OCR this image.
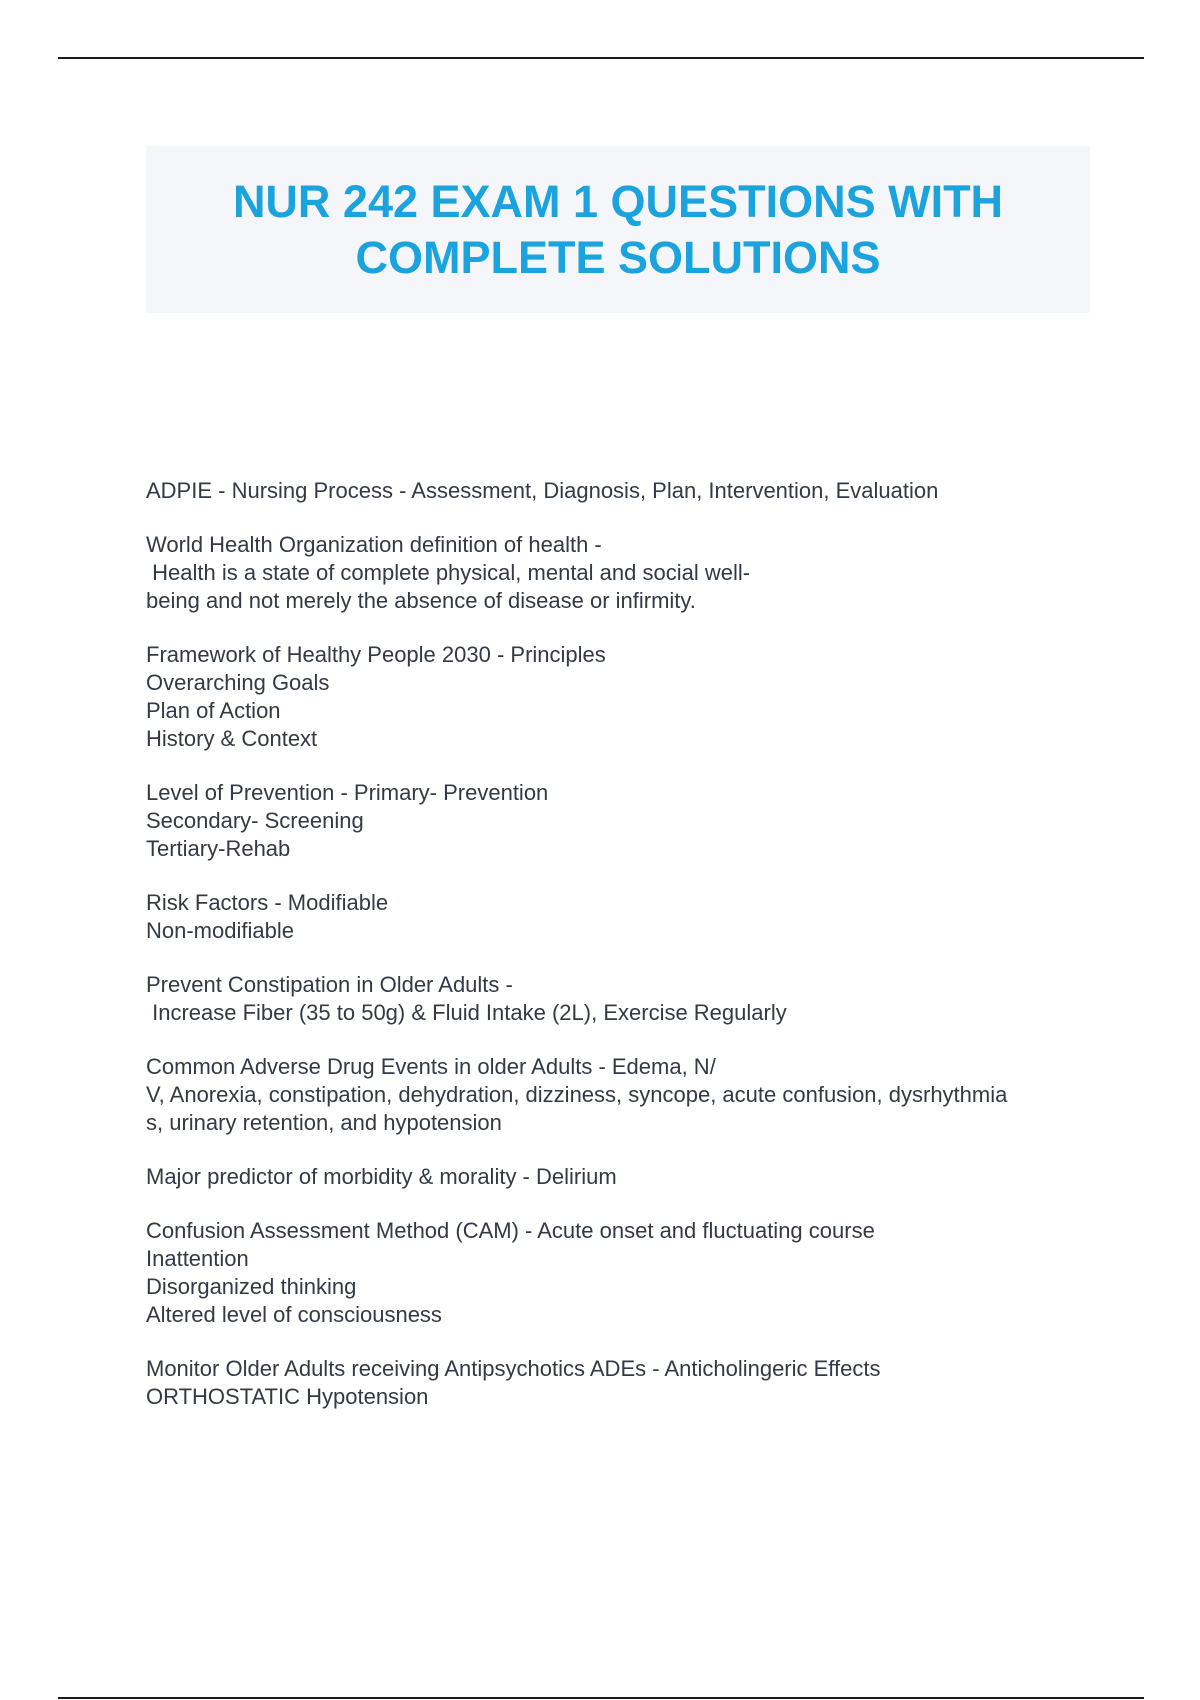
NUR 242 EXAM 1 QUESTIONS WITH
COMPLETE SOLUTIONS
ADPIE - Nursing Process - Assessment, Diagnosis, Plan, Intervention, Evaluation
World Health Organization definition of health -
Health is a state of complete physical, mental and social well-
being and not merely the absence of disease or infirmity.
Framework of Healthy People 2030 - Principles
Overarching Goals
Plan of Action
History & Context
Level of Prevention - Primary- Prevention
Secondary- Screening
Tertiary-Rehab
Risk Factors - Modifiable
Non-modifiable
Prevent Constipation in Older Adults -
Increase Fiber (35 to 50g) & Fluid Intake (2L), Exercise Regularly
Common Adverse Drug Events in older Adults - Edema, N/
V, Anorexia, constipation, dehydration, dizziness, syncope, acute confusion, dysrhythmia
s, urinary retention, and hypotension
Major predictor of morbidity & morality - Delirium
Confusion Assessment Method (CAM) - Acute onset and fluctuating course
Inattention
Disorganized thinking
Altered level of consciousness
Monitor Older Adults receiving Antipsychotics ADEs - Anticholingeric Effects
ORTHOSTATIC Hypotension
